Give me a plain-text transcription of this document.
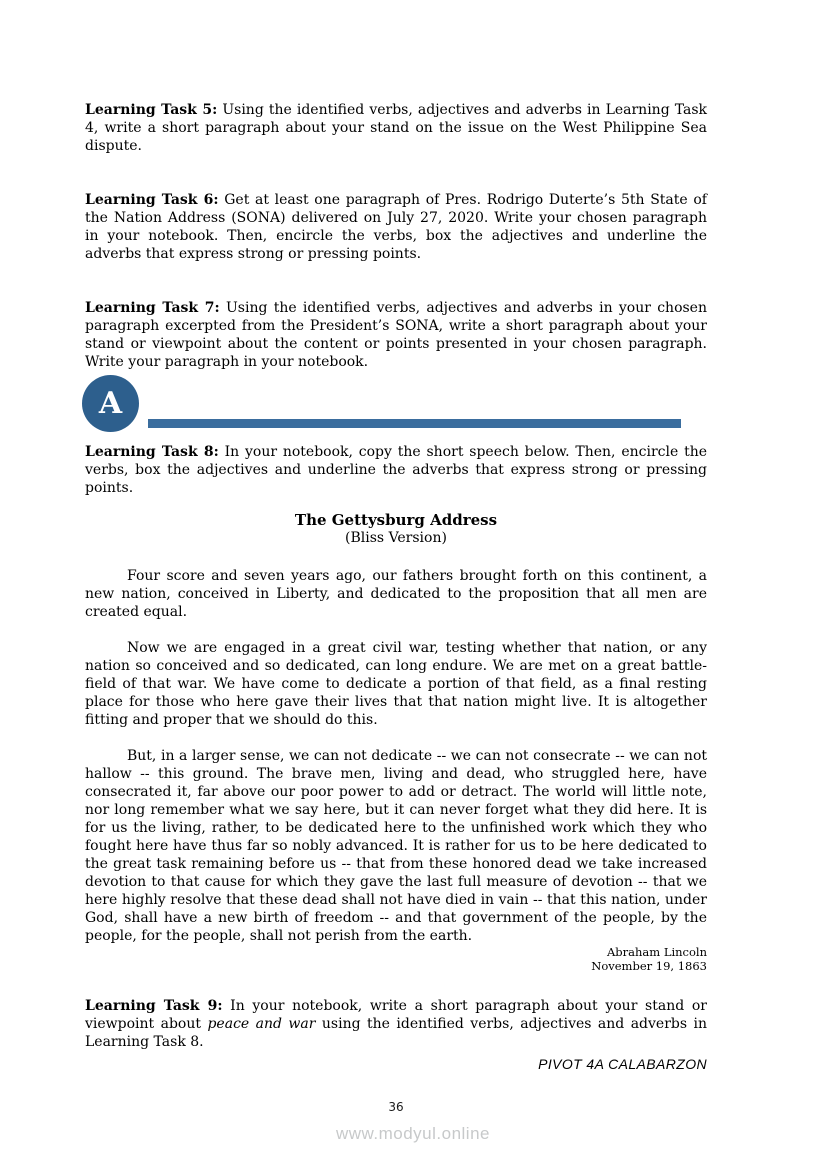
Learning Task 5: Using the identified verbs, adjectives and adverbs in Learning Task 4, write a short paragraph about your stand on the issue on the West Philippine Sea dispute.

Learning Task 6: Get at least one paragraph of Pres. Rodrigo Duterte’s 5th State of the Nation Address (SONA) delivered on July 27, 2020. Write your chosen paragraph in your notebook. Then, encircle the verbs, box the adjectives and underline the adverbs that express strong or pressing points.

Learning Task 7: Using the identified verbs, adjectives and adverbs in your chosen paragraph excerpted from the President’s SONA, write a short paragraph about your stand or viewpoint about the content or points presented in your chosen paragraph. Write your paragraph in your notebook.

A

Learning Task 8: In your notebook, copy the short speech below. Then, encircle the verbs, box the adjectives and underline the adverbs that express strong or pressing points.

The Gettysburg Address
(Bliss Version)

Four score and seven years ago, our fathers brought forth on this continent, a new nation, conceived in Liberty, and dedicated to the proposition that all men are created equal.

Now we are engaged in a great civil war, testing whether that nation, or any nation so conceived and so dedicated, can long endure. We are met on a great battle-field of that war. We have come to dedicate a portion of that field, as a final resting place for those who here gave their lives that that nation might live. It is altogether fitting and proper that we should do this.

But, in a larger sense, we can not dedicate -- we can not consecrate -- we can not hallow -- this ground. The brave men, living and dead, who struggled here, have consecrated it, far above our poor power to add or detract. The world will little note, nor long remember what we say here, but it can never forget what they did here. It is for us the living, rather, to be dedicated here to the unfinished work which they who fought here have thus far so nobly advanced. It is rather for us to be here dedicated to the great task remaining before us -- that from these honored dead we take increased devotion to that cause for which they gave the last full measure of devotion -- that we here highly resolve that these dead shall not have died in vain -- that this nation, under God, shall have a new birth of freedom -- and that government of the people, by the people, for the people, shall not perish from the earth.

Abraham Lincoln
November 19, 1863

Learning Task 9: In your notebook, write a short paragraph about your stand or viewpoint about peace and war using the identified verbs, adjectives and adverbs in Learning Task 8.

PIVOT 4A CALABARZON
36
www.modyul.online
